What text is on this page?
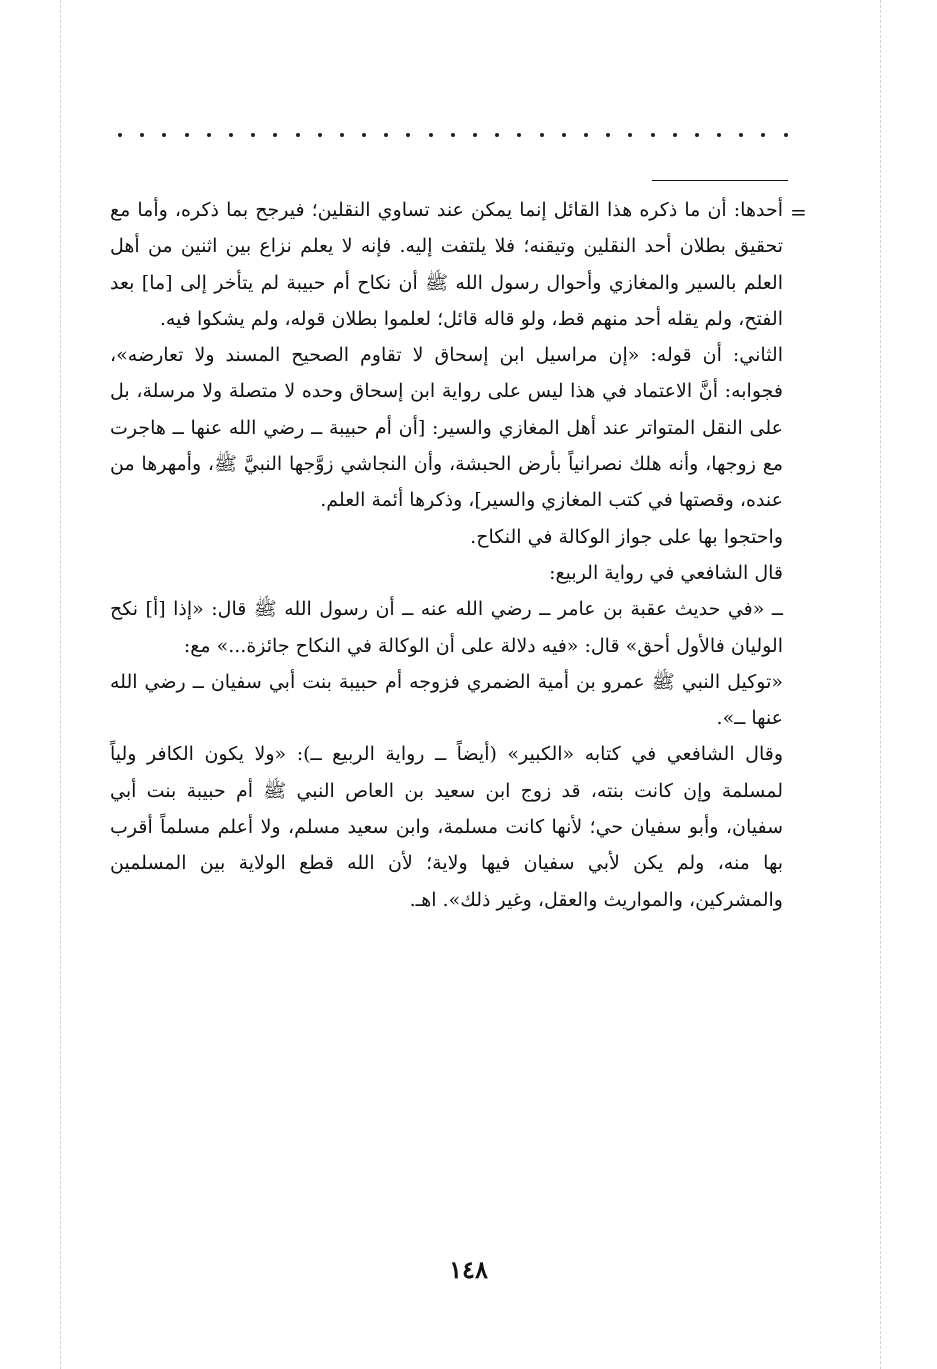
=

أحدها: أن ما ذكره هذا القائل إنما يمكن عند تساوي النقلين؛ فيرجح بما ذكره، وأما مع تحقيق بطلان أحد النقلين وتيقنه؛ فلا يلتفت إليه. فإنه لا يعلم نزاع بين اثنين من أهل العلم بالسير والمغازي وأحوال رسول الله ﷺ أن نكاح أم حبيبة لم يتأخر إلى [ما] بعد الفتح، ولم يقله أحد منهم قط، ولو قاله قائل؛ لعلموا بطلان قوله، ولم يشكوا فيه.

الثاني: أن قوله: «إن مراسيل ابن إسحاق لا تقاوم الصحيح المسند ولا تعارضه»، فجوابه: أنَّ الاعتماد في هذا ليس على رواية ابن إسحاق وحده لا متصلة ولا مرسلة، بل على النقل المتواتر عند أهل المغازي والسير: [أن أم حبيبة ــ رضي الله عنها ــ هاجرت مع زوجها، وأنه هلك نصرانياً بأرض الحبشة، وأن النجاشي زوَّجها النبيَّ ﷺ، وأمهرها من عنده، وقصتها في كتب المغازي والسير]، وذكرها أئمة العلم.

واحتجوا بها على جواز الوكالة في النكاح.

قال الشافعي في رواية الربيع:

ــ «في حديث عقبة بن عامر ــ رضي الله عنه ــ أن رسول الله ﷺ قال: «إذا [أ] نكح الوليان فالأول أحق» قال: «فيه دلالة على أن الوكالة في النكاح جائزة...» مع:

«توكيل النبي ﷺ عمرو بن أمية الضمري فزوجه أم حبيبة بنت أبي سفيان ــ رضي الله عنها ــ».

وقال الشافعي في كتابه «الكبير» (أيضاً ــ رواية الربيع ــ): «ولا يكون الكافر ولياً لمسلمة وإن كانت بنته، قد زوج ابن سعيد بن العاص النبي ﷺ أم حبيبة بنت أبي سفيان، وأبو سفيان حي؛ لأنها كانت مسلمة، وابن سعيد مسلم، ولا أعلم مسلماً أقرب بها منه، ولم يكن لأبي سفيان فيها ولاية؛ لأن الله قطع الولاية بين المسلمين والمشركين، والمواريث والعقل، وغير ذلك». اهـ.

١٤٨
